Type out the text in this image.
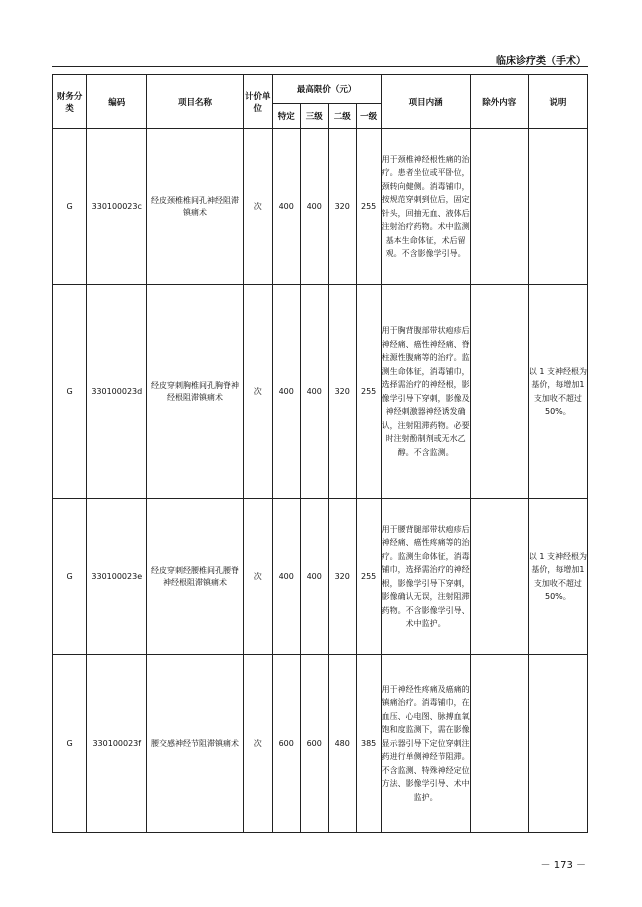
临床诊疗类（手术）
财务分类	编码	项目名称	计价单位	最高限价（元）				项目内涵	除外内容	说明
				特定	三级	二级	一级			
G	330100023c	经皮颈椎椎间孔神经阻滞镇痛术	次	400	400	320	255	用于颈椎神经根性痛的治疗。患者坐位或平卧位，颈转向健侧。消毒铺巾，按规范穿刺到位后，固定针头，回抽无血、液体后注射治疗药物。术中监测基本生命体征，术后留观。不含影像学引导。		
G	330100023d	经皮穿刺胸椎间孔胸脊神经根阻滞镇痛术	次	400	400	320	255	用于胸背腹部带状疱疹后神经痛、癌性神经痛、脊柱源性腹痛等的治疗。监测生命体征，消毒铺巾，选择需治疗的神经根，影像学引导下穿刺，影像及神经刺激器神经诱发确认，注射阻滞药物。必要时注射酚制剂或无水乙醇。不含监测。		以 1 支神经根为基价，每增加1支加收不超过50%。
G	330100023e	经皮穿刺经腰椎间孔腰脊神经根阻滞镇痛术	次	400	400	320	255	用于腰背腿部带状疱疹后神经痛、癌性疼痛等的治疗。监测生命体征，消毒铺巾，选择需治疗的神经根，影像学引导下穿刺，影像确认无误，注射阻滞药物。不含影像学引导、术中监护。		以 1 支神经根为基价，每增加1支加收不超过50%。
G	330100023f	腰交感神经节阻滞镇痛术	次	600	600	480	385	用于神经性疼痛及癌痛的镇痛治疗。消毒铺巾，在血压、心电图、脉搏血氧饱和度监测下，需在影像显示器引导下定位穿刺注药进行单侧神经节阻滞。不含监测、特殊神经定位方法、影像学引导、术中监护。		
－ 173 －
